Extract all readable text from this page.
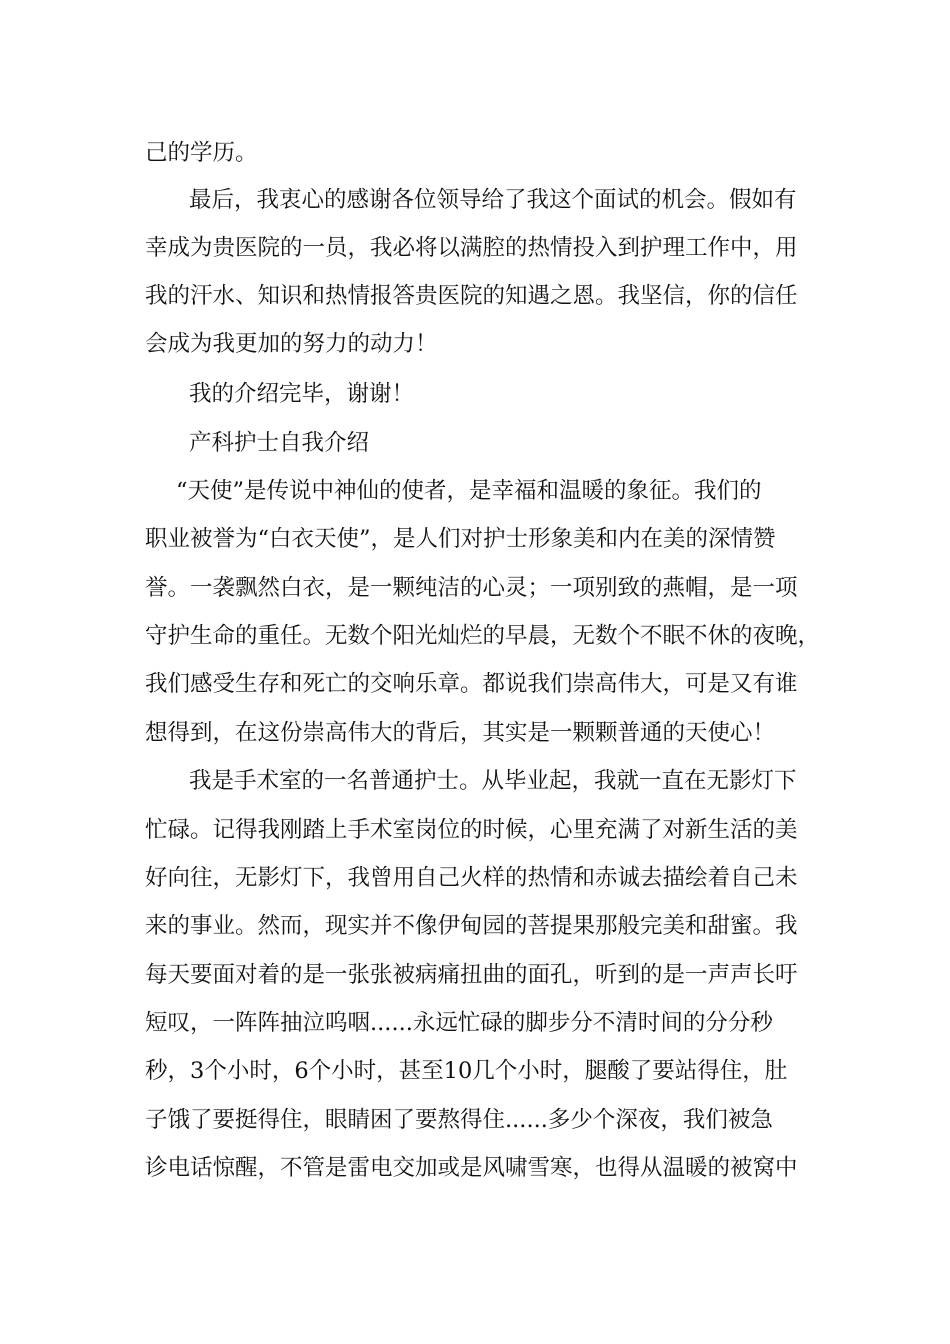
己的学历。
最后，我衷心的感谢各位领导给了我这个面试的机会。假如有
幸成为贵医院的一员，我必将以满腔的热情投入到护理工作中，用
我的汗水、知识和热情报答贵医院的知遇之恩。我坚信，你的信任
会成为我更加的努力的动力！
我的介绍完毕，谢谢！
产科护士自我介绍
“天使”是传说中神仙的使者，是幸福和温暖的象征。我们的
职业被誉为“白衣天使”，是人们对护士形象美和内在美的深情赞
誉。一袭飘然白衣，是一颗纯洁的心灵；一项别致的燕帽，是一项
守护生命的重任。无数个阳光灿烂的早晨，无数个不眠不休的夜晚，
我们感受生存和死亡的交响乐章。都说我们崇高伟大，可是又有谁
想得到，在这份崇高伟大的背后，其实是一颗颗普通的天使心！
我是手术室的一名普通护士。从毕业起，我就一直在无影灯下
忙碌。记得我刚踏上手术室岗位的时候，心里充满了对新生活的美
好向往，无影灯下，我曾用自己火样的热情和赤诚去描绘着自己未
来的事业。然而，现实并不像伊甸园的菩提果那般完美和甜蜜。我
每天要面对着的是一张张被病痛扭曲的面孔，听到的是一声声长吁
短叹，一阵阵抽泣呜咽......永远忙碌的脚步分不清时间的分分秒
秒，3个小时，6个小时，甚至10几个小时，腿酸了要站得住，肚
子饿了要挺得住，眼睛困了要熬得住......多少个深夜，我们被急
诊电话惊醒，不管是雷电交加或是风啸雪寒，也得从温暖的被窝中
